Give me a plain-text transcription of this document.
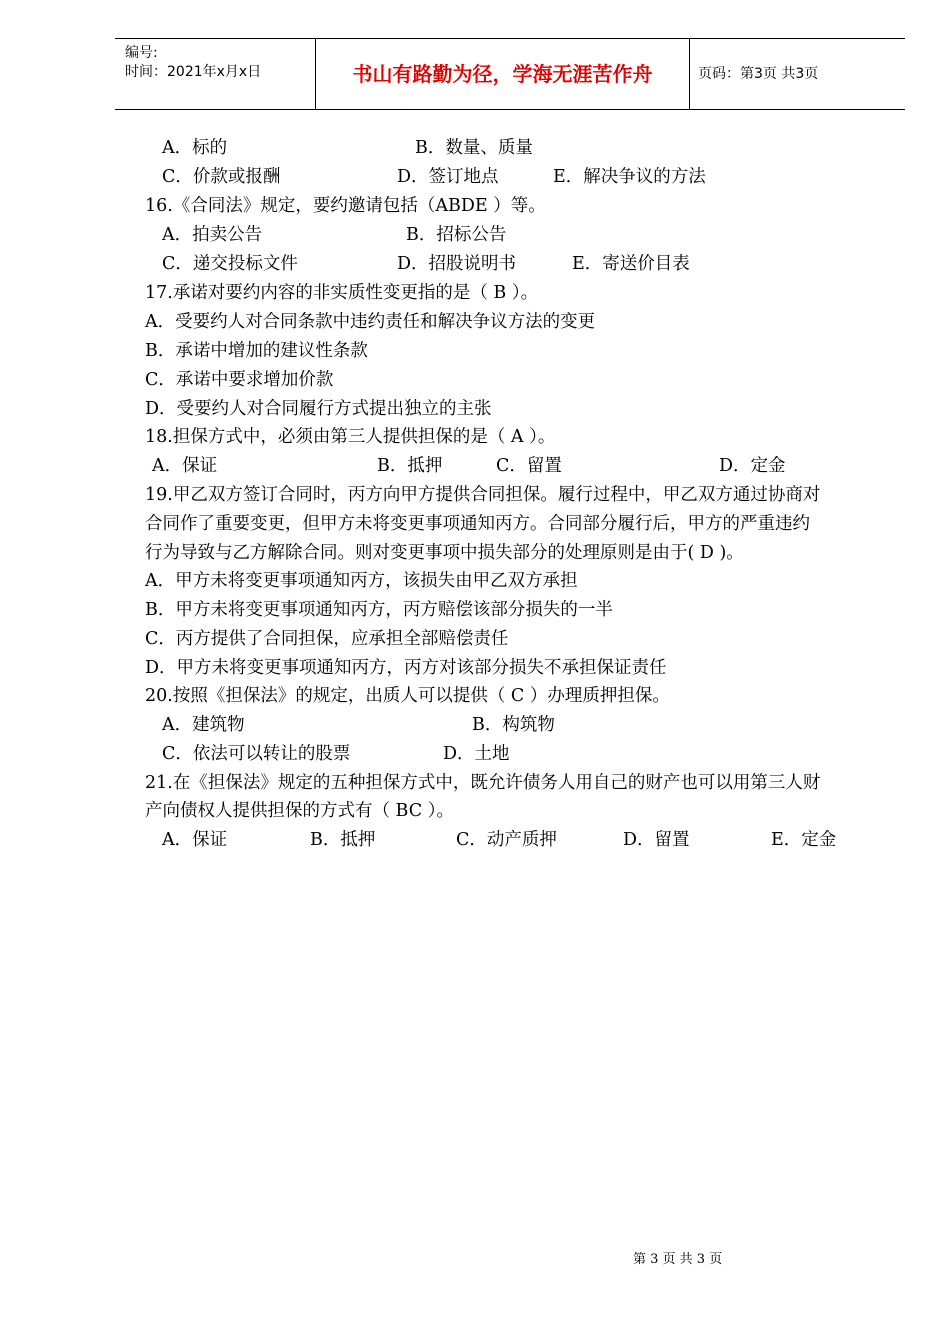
编号:
时间：2021年x月x日	书山有路勤为径，学海无涯苦作舟	页码：第3页 共3页
A．标的	B．数量、质量
C．价款或报酬	D．签订地点	E．解决争议的方法
16.《合同法》规定，要约邀请包括（ABDE ）等。
A．拍卖公告	B．招标公告
C．递交投标文件	D．招股说明书	E．寄送价目表
17.承诺对要约内容的非实质性变更指的是（ B ）。
A．受要约人对合同条款中违约责任和解决争议方法的变更
B．承诺中增加的建议性条款
C．承诺中要求增加价款
D．受要约人对合同履行方式提出独立的主张
18.担保方式中，必须由第三人提供担保的是（ A ）。
A．保证	B．抵押	C．留置	D．定金
19.甲乙双方签订合同时，丙方向甲方提供合同担保。履行过程中，甲乙双方通过协商对
合同作了重要变更，但甲方未将变更事项通知丙方。合同部分履行后，甲方的严重违约
行为导致与乙方解除合同。则对变更事项中损失部分的处理原则是由于( D )。
A．甲方未将变更事项通知丙方，该损失由甲乙双方承担
B．甲方未将变更事项通知丙方，丙方赔偿该部分损失的一半
C．丙方提供了合同担保，应承担全部赔偿责任
D．甲方未将变更事项通知丙方，丙方对该部分损失不承担保证责任
20.按照《担保法》的规定，出质人可以提供（ C ）办理质押担保。
A．建筑物	B．构筑物
C．依法可以转让的股票	D．土地
21.在《担保法》规定的五种担保方式中，既允许债务人用自己的财产也可以用第三人财
产向债权人提供担保的方式有（ BC ）。
A．保证	B．抵押	C．动产质押	D．留置	E．定金
第 3 页 共 3 页
